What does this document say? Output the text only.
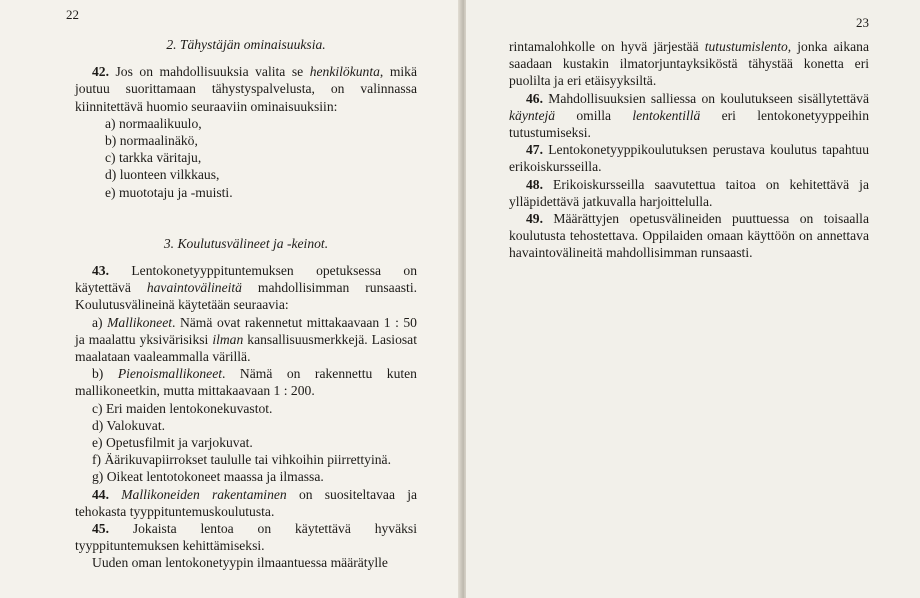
22

2. Tähystäjän ominaisuuksia.

42. Jos on mahdollisuuksia valita se henkilökunta, mikä joutuu suorittamaan tähystyspalvelusta, on valinnassa kiinnitettävä huomio seuraaviin ominaisuuksiin:

a) normaalikuulo,

b) normaalinäkö,

c) tarkka väritaju,

d) luonteen vilkkaus,

e) muototaju ja -muisti.

3. Koulutusvälineet ja -keinot.

43. Lentokonetyyppituntemuksen opetuksessa on käytettävä havaintovälineitä mahdollisimman runsaasti. Koulutusvälineinä käytetään seuraavia:

a) Mallikoneet. Nämä ovat rakennetut mittakaavaan 1 : 50 ja maalattu yksivärisiksi ilman kansallisuusmerkkejä. Lasiosat maalataan vaaleammalla värillä.

b) Pienoismallikoneet. Nämä on rakennettu kuten mallikoneetkin, mutta mittakaavaan 1 : 200.

c) Eri maiden lentokonekuvastot.

d) Valokuvat.

e) Opetusfilmit ja varjokuvat.

f) Äärikuvapiirrokset taululle tai vihkoihin piirrettyinä.

g) Oikeat lentotokoneet maassa ja ilmassa.

44. Mallikoneiden rakentaminen on suositeltavaa ja tehokasta tyyppituntemuskoulutusta.

45. Jokaista lentoa on käytettävä hyväksi tyyppituntemuksen kehittämiseksi.

Uuden oman lentokonetyypin ilmaantuessa määrätylle

23

rintamalohkolle on hyvä järjestää tutustumislento, jonka aikana saadaan kustakin ilmatorjuntayksiköstä tähystää konetta eri puolilta ja eri etäisyyksiltä.

46. Mahdollisuuksien salliessa on koulutukseen sisällytettävä käyntejä omilla lentokentillä eri lentokonetyyppeihin tutustumiseksi.

47. Lentokonetyyppikoulutuksen perustava koulutus tapahtuu erikoiskursseilla.

48. Erikoiskursseilla saavutettua taitoa on kehitettävä ja ylläpidettävä jatkuvalla harjoittelulla.

49. Määrättyjen opetusvälineiden puuttuessa on toisaalla koulutusta tehostettava. Oppilaiden omaan käyttöön on annettava havaintovälineitä mahdollisimman runsaasti.
